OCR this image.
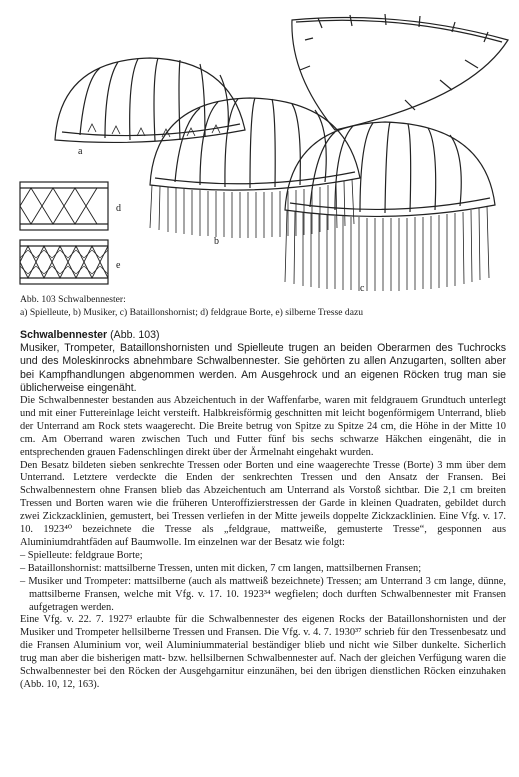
a
b
c
d
e
Abb. 103 Schwalbennester:
a) Spielleute, b) Musiker, c) Bataillonshornist; d) feldgraue Borte, e) silberne Tresse dazu

Schwalbennester (Abb. 103)

Musiker, Trompeter, Bataillonshornisten und Spielleute trugen an beiden Oberarmen des Tuchrocks und des Moleskinrocks abnehmbare Schwalbennester. Sie gehörten zu allen Anzugarten, sollten aber bei Kampfhandlungen abgenommen werden. Am Ausgehrock und an eigenen Röcken trug man sie üblicherweise eingenäht.

Die Schwalbennester bestanden aus Abzeichentuch in der Waffenfarbe, waren mit feldgrauem Grundtuch unterlegt und mit einer Futtereinlage leicht versteift. Halbkreisförmig geschnitten mit leicht bogenförmigem Unterrand, blieb der Unterrand am Rock stets waagerecht. Die Breite betrug von Spitze zu Spitze 24 cm, die Höhe in der Mitte 10 cm. Am Oberrand waren zwischen Tuch und Futter fünf bis sechs schwarze Häkchen eingenäht, die in entsprechenden grauen Fadenschlingen direkt über der Ärmelnaht eingehakt wurden.

Den Besatz bildeten sieben senkrechte Tressen oder Borten und eine waagerechte Tresse (Borte) 3 mm über dem Unterrand. Letztere verdeckte die Enden der senkrechten Tressen und den Ansatz der Fransen. Bei Schwalbennestern ohne Fransen blieb das Abzeichentuch am Unterrand als Vorstoß sichtbar. Die 2,1 cm breiten Tressen und Borten waren wie die früheren Unteroffizierstressen der Garde in kleinen Quadraten, gebildet durch zwei Zickzacklinien, gemustert, bei Tressen verliefen in der Mitte jeweils doppelte Zickzacklinien. Eine Vfg. v. 17. 10. 1923⁴⁰ bezeichnete die Tresse als „feldgraue, mattweiße, gemusterte Tresse“, gesponnen aus Aluminiumdrahtfäden auf Baumwolle. Im einzelnen war der Besatz wie folgt:

– Spielleute: feldgraue Borte;

– Bataillonshornist: mattsilberne Tressen, unten mit dicken, 7 cm langen, mattsilbernen Fransen;

– Musiker und Trompeter: mattsilberne (auch als mattweiß bezeichnete) Tressen; am Unterrand 3 cm lange, dünne, mattsilberne Fransen, welche mit Vfg. v. 17. 10. 1923³⁴ wegfielen; doch durften Schwalbennester mit Fransen aufgetragen werden.

Eine Vfg. v. 22. 7. 1927³ erlaubte für die Schwalbennester des eigenen Rocks der Bataillonshornisten und der Musiker und Trompeter hellsilberne Tressen und Fransen. Die Vfg. v. 4. 7. 1930³⁷ schrieb für den Tressenbesatz und die Fransen Aluminium vor, weil Aluminiummaterial beständiger blieb und nicht wie Silber dunkelte. Sicherlich trug man aber die bisherigen matt- bzw. hellsilbernen Schwalbennester auf. Nach der gleichen Verfügung waren die Schwalbennester bei den Röcken der Ausgehgarnitur einzunähen, bei den übrigen dienstlichen Röcken einzuhaken (Abb. 10, 12, 163).
